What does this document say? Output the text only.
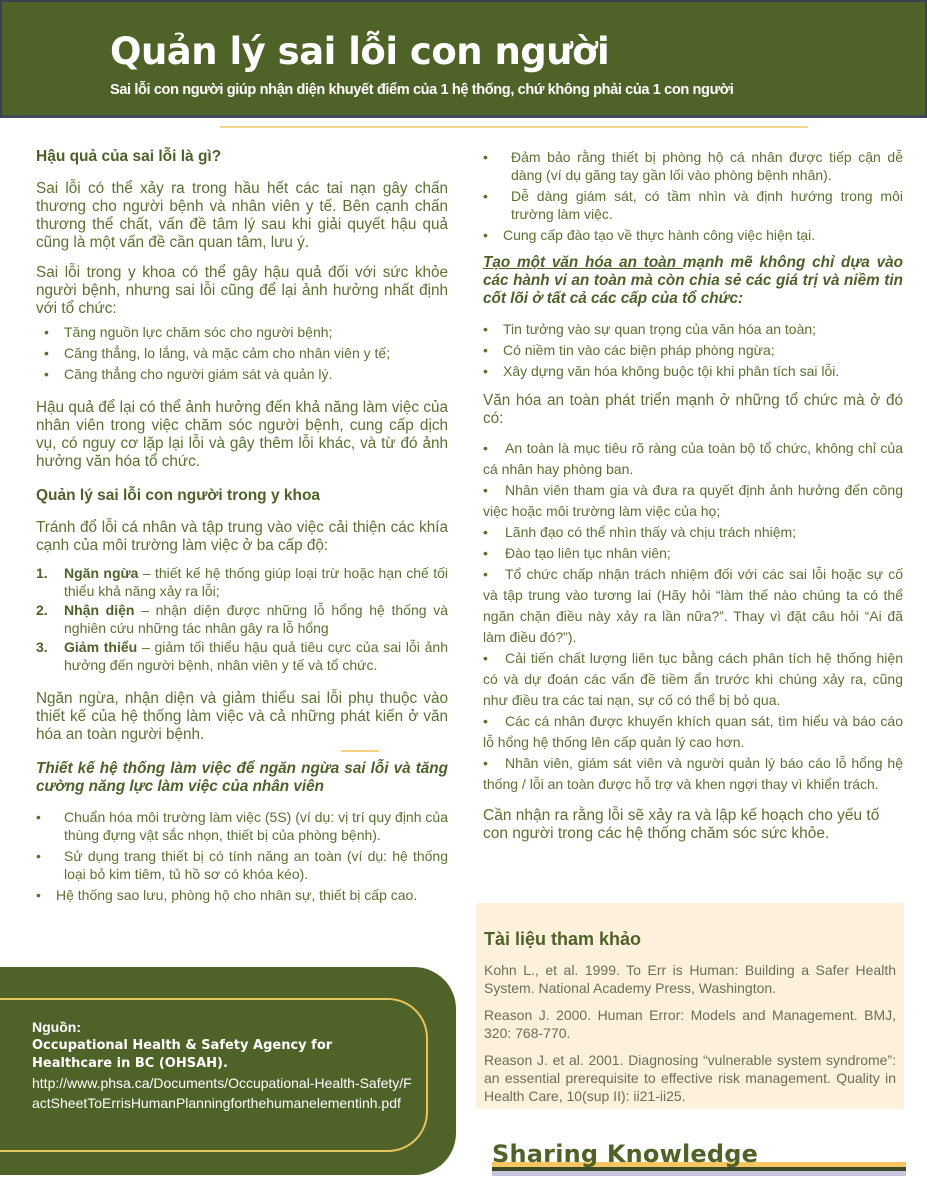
Quản lý sai lỗi con người
Sai lỗi con người giúp nhận diện khuyết điểm của 1 hệ thống, chứ không phải của 1 con người
Hậu quả của sai lỗi là gì?

Sai lỗi có thể xảy ra trong hầu hết các tai nạn gây chấn thương cho người bệnh và nhân viên y tế. Bên cạnh chấn thương thể chất, vấn đề tâm lý sau khi giải quyết hậu quả cũng là một vấn đề cần quan tâm, lưu ý.

Sai lỗi trong y khoa có thể gây hậu quả đối với sức khỏe người bệnh, nhưng sai lỗi cũng để lại ảnh hưởng nhất định với tổ chức:

• Tăng nguồn lực chăm sóc cho người bệnh;
• Căng thẳng, lo lắng, và mặc cảm cho nhân viên y tế;
• Căng thẳng cho người giám sát và quản lý.

Hậu quả để lại có thể ảnh hưởng đến khả năng làm việc của nhân viên trong việc chăm sóc người bệnh, cung cấp dịch vụ, có nguy cơ lặp lại lỗi và gây thêm lỗi khác, và từ đó ảnh hưởng văn hóa tổ chức.

Quản lý sai lỗi con người trong y khoa

Tránh đổ lỗi cá nhân và tập trung vào việc cải thiện các khía cạnh của môi trường làm việc ở ba cấp độ:

1. Ngăn ngừa – thiết kế hệ thống giúp loại trừ hoặc hạn chế tối thiểu khả năng xảy ra lỗi;
2. Nhận diện – nhận diện được những lỗ hổng hệ thống và nghiên cứu những tác nhân gây ra lỗ hổng
3. Giảm thiểu – giảm tối thiểu hậu quả tiêu cực của sai lỗi ảnh hưởng đến người bệnh, nhân viên y tế và tổ chức.

Ngăn ngừa, nhận diện và giảm thiểu sai lỗi phụ thuộc vào thiết kế của hệ thống làm việc và cả những phát kiến ở văn hóa an toàn người bệnh.

Thiết kế hệ thống làm việc để ngăn ngừa sai lỗi và tăng cường năng lực làm việc của nhân viên
• Chuẩn hóa môi trường làm việc (5S) (ví dụ: vị trí quy định của thùng đựng vật sắc nhọn, thiết bị của phòng bệnh).
• Sử dụng trang thiết bị có tính năng an toàn (ví dụ: hệ thống loại bỏ kim tiêm, tủ hồ sơ có khóa kéo).
• Hệ thống sao lưu, phòng hộ cho nhân sự, thiết bị cấp cao.
• Đảm bảo rằng thiết bị phòng hộ cá nhân được tiếp cận dễ dàng (ví dụ găng tay gần lối vào phòng bệnh nhân).
• Dễ dàng giám sát, có tầm nhìn và định hướng trong môi trường làm việc.
• Cung cấp đào tạo về thực hành công việc hiện tại.
Tạo một văn hóa an toàn mạnh mẽ không chỉ dựa vào các hành vi an toàn mà còn chia sẻ các giá trị và niềm tin cốt lõi ở tất cả các cấp của tổ chức:
• Tin tưởng vào sự quan trọng của văn hóa an toàn;
• Có niềm tin vào các biện pháp phòng ngừa;
• Xây dựng văn hóa không buộc tội khi phân tích sai lỗi.

Văn hóa an toàn phát triển mạnh ở những tổ chức mà ở đó có:

• An toàn là mục tiêu rõ ràng của toàn bộ tổ chức, không chỉ của cá nhân hay phòng ban.
• Nhân viên tham gia và đưa ra quyết định ảnh hưởng đến công việc hoặc môi trường làm việc của họ;
• Lãnh đạo có thể nhìn thấy và chịu trách nhiệm;
• Đào tạo liên tục nhân viên;
• Tổ chức chấp nhận trách nhiệm đối với các sai lỗi hoặc sự cố và tập trung vào tương lai (Hãy hỏi “làm thế nào chúng ta có thể ngăn chặn điều này xảy ra lần nữa?”. Thay vì đặt câu hỏi “Ai đã làm điều đó?”).
• Cải tiến chất lượng liên tục bằng cách phân tích hệ thống hiện có và dự đoán các vấn đề tiềm ẩn trước khi chúng xảy ra, cũng như điều tra các tai nạn, sự cố có thể bị bỏ qua.
• Các cá nhân được khuyến khích quan sát, tìm hiểu và báo cáo lỗ hổng hệ thống lên cấp quản lý cao hơn.
• Nhân viên, giám sát viên và người quản lý báo cáo lỗ hổng hệ thống / lỗi an toàn được hỗ trợ và khen ngợi thay vì khiển trách.

Cần nhận ra rằng lỗi sẽ xảy ra và lập kế hoạch cho yếu tố con người trong các hệ thống chăm sóc sức khỏe.

Nguồn:
Occupational Health & Safety Agency for Healthcare in BC (OHSAH).
http://www.phsa.ca/Documents/Occupational-Health-Safety/FactSheetToErrisHumanPlanningforthehumanelementinh.pdf
Tài liệu tham khảo

Kohn L., et al. 1999. To Err is Human: Building a Safer Health System. National Academy Press, Washington.

Reason J. 2000. Human Error: Models and Management. BMJ, 320: 768-770.

Reason J. et al. 2001. Diagnosing “vulnerable system syndrome”: an essential prerequisite to effective risk management. Quality in Health Care, 10(sup II): ii21-ii25.

Sharing Knowledge
